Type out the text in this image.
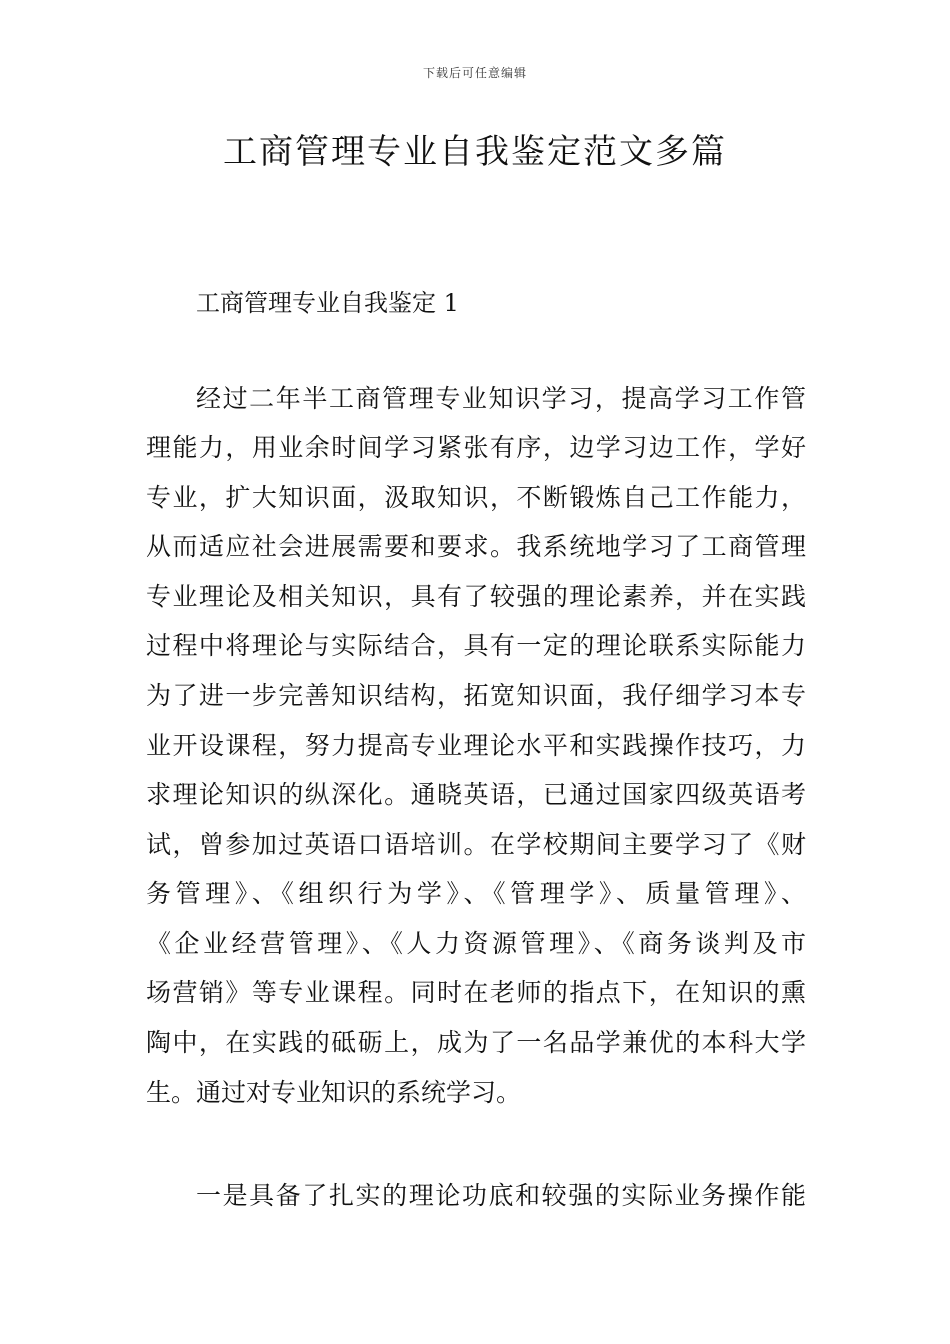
下载后可任意编辑
工商管理专业自我鉴定范文多篇
工商管理专业自我鉴定 1
经过二年半工商管理专业知识学习，提高学习工作管
理能力，用业余时间学习紧张有序，边学习边工作，学好
专业，扩大知识面，汲取知识，不断锻炼自己工作能力，
从而适应社会进展需要和要求。我系统地学习了工商管理
专业理论及相关知识，具有了较强的理论素养，并在实践
过程中将理论与实际结合，具有一定的理论联系实际能力
为了进一步完善知识结构，拓宽知识面，我仔细学习本专
业开设课程，努力提高专业理论水平和实践操作技巧，力
求理论知识的纵深化。通晓英语，已通过国家四级英语考
试，曾参加过英语口语培训。在学校期间主要学习了《财
务管理》、《组织行为学》、《管理学》、质量管理》、
《企业经营管理》、《人力资源管理》、《商务谈判及市
场营销》等专业课程。同时在老师的指点下，在知识的熏
陶中，在实践的砥砺上，成为了一名品学兼优的本科大学
生。通过对专业知识的系统学习。
一是具备了扎实的理论功底和较强的实际业务操作能
